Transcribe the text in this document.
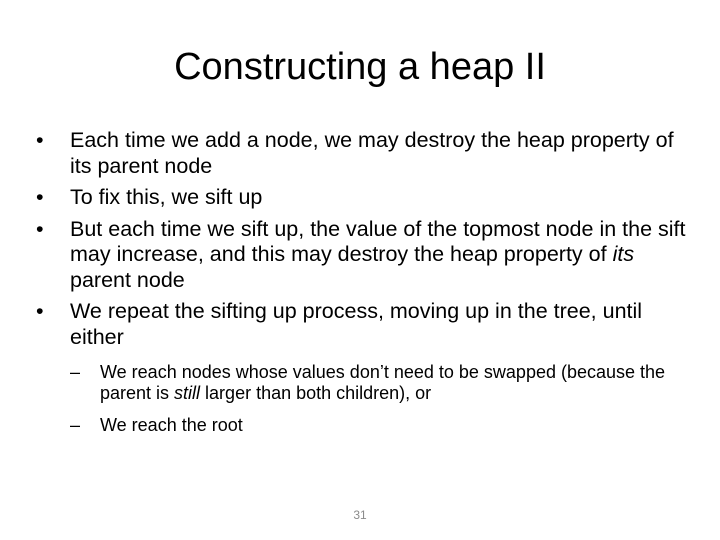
Constructing a heap II
•	Each time we add a node, we may destroy the heap property of its parent node
•	To fix this, we sift up
•	But each time we sift up, the value of the topmost node in the sift may increase, and this may destroy the heap property of its parent node
•	We repeat the sifting up process, moving up in the tree, until either
–	We reach nodes whose values don’t need to be swapped (because the parent is still larger than both children), or
–	We reach the root
31
